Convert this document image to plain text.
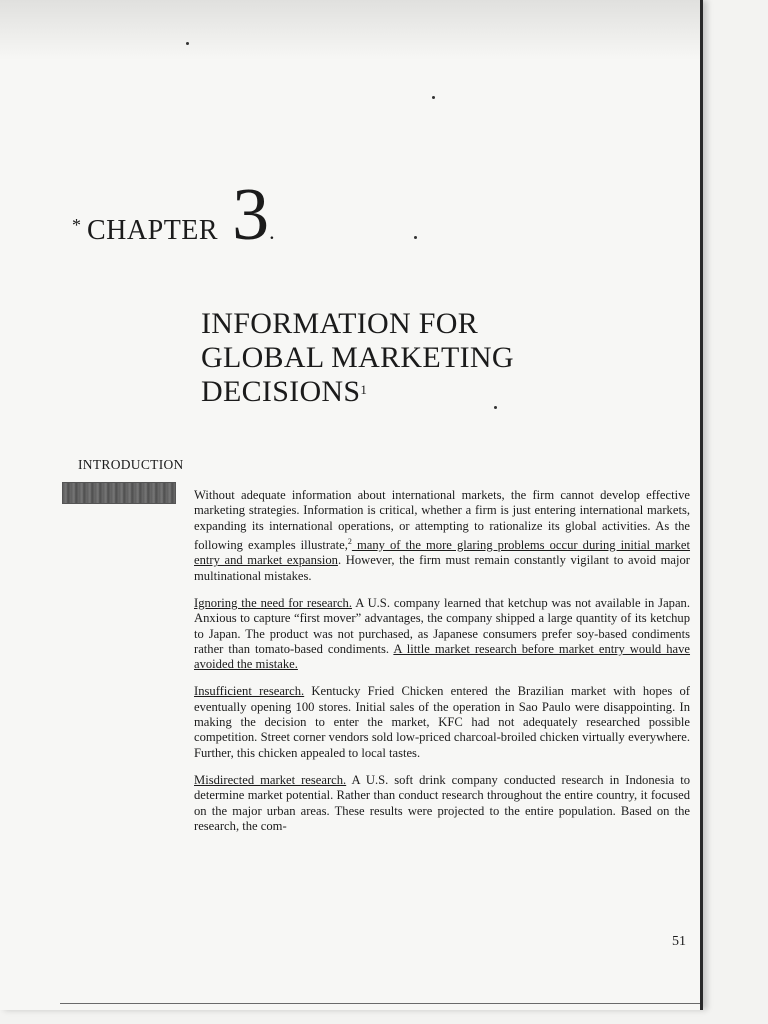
* CHAPTER 3 .
INFORMATION FOR
GLOBAL MARKETING
DECISIONS$^1$
INTRODUCTION

Without adequate information about international markets, the firm cannot develop effective marketing strategies. Information is critical, whether a firm is just entering international markets, expanding its international operations, or attempting to rationalize its global activities. As the following examples illustrate,$^2$ many of the more glaring problems occur during initial market entry and market expansion. However, the firm must remain constantly vigilant to avoid major multinational mistakes.

Ignoring the need for research. A U.S. company learned that ketchup was not available in Japan. Anxious to capture “first mover” advantages, the company shipped a large quantity of its ketchup to Japan. The product was not purchased, as Japanese consumers prefer soy-based condiments rather than tomato-based condiments. A little market research before market entry would have avoided the mistake.

Insufficient research. Kentucky Fried Chicken entered the Brazilian market with hopes of eventually opening 100 stores. Initial sales of the operation in Sao Paulo were disappointing. In making the decision to enter the market, KFC had not adequately researched possible competition. Street corner vendors sold low-priced charcoal-broiled chicken virtually everywhere. Further, this chicken appealed to local tastes.

Misdirected market research. A U.S. soft drink company conducted research in Indonesia to determine market potential. Rather than conduct research throughout the entire country, it focused on the major urban areas. These results were projected to the entire population. Based on the research, the com-

51
